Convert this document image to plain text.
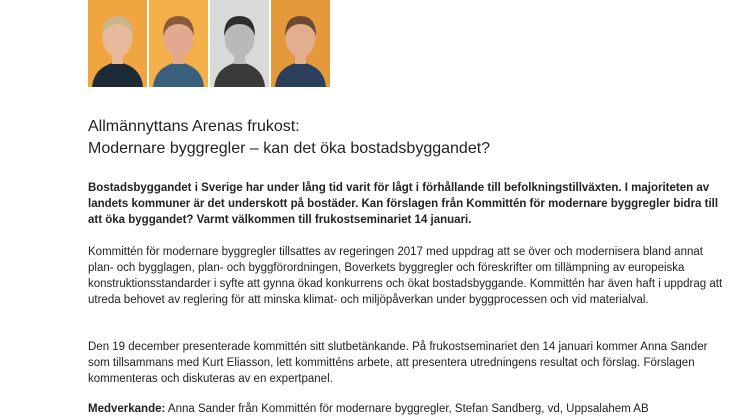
Allmännyttans Arenas frukost:
Modernare byggregler – kan det öka bostadsbyggandet?

Bostadsbyggandet i Sverige har under lång tid varit för lågt i förhållande till befolkningstillväxten. I majoriteten av landets kommuner är det underskott på bostäder. Kan förslagen från Kommittén för modernare byggregler bidra till att öka byggandet? Varmt välkommen till frukostseminariet 14 januari.

Kommittén för modernare byggregler tillsattes av regeringen 2017 med uppdrag att se över och modernisera bland annat plan- och bygglagen, plan- och byggförordningen, Boverkets byggregler och föreskrifter om tillämpning av europeiska konstruktionsstandarder i syfte att gynna ökad konkurrens och ökat bostadsbyggande. Kommittén har även haft i uppdrag att utreda behovet av reglering för att minska klimat- och miljöpåverkan under byggprocessen och vid materialval.

Den 19 december presenterade kommittén sitt slutbetänkande. På frukostseminariet den 14 januari kommer Anna Sander som tillsammans med Kurt Eliasson, lett kommitténs arbete, att presentera utredningens resultat och förslag. Förslagen kommenteras och diskuteras av en expertpanel.

Medverkande: Anna Sander från Kommittén för modernare byggregler, Stefan Sandberg, vd, Uppsalahem AB
